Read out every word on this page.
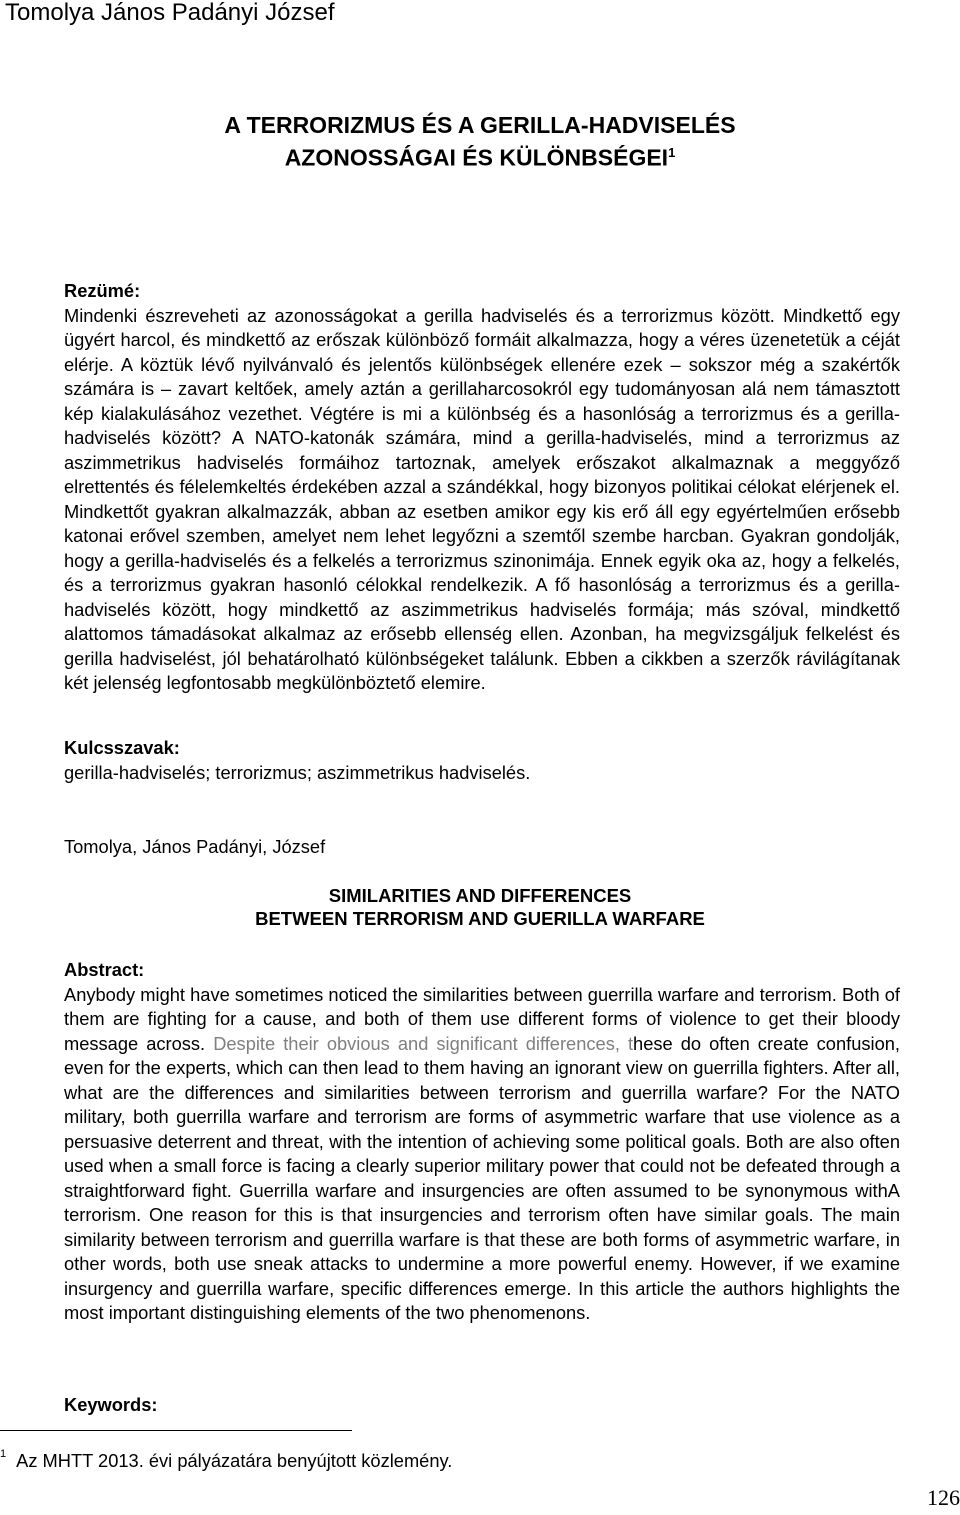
Tomolya János Padányi József
A TERRORIZMUS ÉS A GERILLA-HADVISELÉS
AZONOSSÁGAI ÉS KÜLÖNBSÉGEI$^1$
Rezümé:
Mindenki észreveheti az azonosságokat a gerilla hadviselés és a terrorizmus között. Mindkettő egy ügyért harcol, és mindkettő az erőszak különböző formáit alkalmazza, hogy a véres üzenetetük a céját elérje. A köztük lévő nyilvánvaló és jelentős különbségek ellenére ezek – sokszor még a szakértők számára is – zavart keltőek, amely aztán a gerillaharcosokról egy tudományosan alá nem támasztott kép kialakulásához vezethet. Végtére is mi a különbség és a hasonlóság a terrorizmus és a gerilla-hadviselés között? A NATO-katonák számára, mind a gerilla-hadviselés, mind a terrorizmus az aszimmetrikus hadviselés formáihoz tartoznak, amelyek erőszakot alkalmaznak a meggyőző elrettentés és félelemkeltés érdekében azzal a szándékkal, hogy bizonyos politikai célokat elérjenek el. Mindkettőt gyakran alkalmazzák, abban az esetben amikor egy kis erő áll egy egyértelműen erősebb katonai erővel szemben, amelyet nem lehet legyőzni a szemtől szembe harcban. Gyakran gondolják, hogy a gerilla-hadviselés és a felkelés a terrorizmus szinonimája. Ennek egyik oka az, hogy a felkelés, és a terrorizmus gyakran hasonló célokkal rendelkezik. A fő hasonlóság a terrorizmus és a gerilla-hadviselés között, hogy mindkettő az aszimmetrikus hadviselés formája; más szóval, mindkettő alattomos támadásokat alkalmaz az erősebb ellenség ellen. Azonban, ha megvizsgáljuk felkelést és gerilla hadviselést, jól behatárolható különbségeket találunk. Ebben a cikkben a szerzők rávilágítanak két jelenség legfontosabb megkülönböztető elemire.
Kulcsszavak:
gerilla-hadviselés; terrorizmus; aszimmetrikus hadviselés.
Tomolya, János Padányi, József
SIMILARITIES AND DIFFERENCES
BETWEEN TERRORISM AND GUERILLA WARFARE
Abstract:
Anybody might have sometimes noticed the similarities between guerrilla warfare and terrorism. Both of them are fighting for a cause, and both of them use different forms of violence to get their bloody message across. Despite their obvious and significant differences, these do often create confusion, even for the experts, which can then lead to them having an ignorant view on guerrilla fighters. After all, what are the differences and similarities between terrorism and guerrilla warfare? For the NATO military, both guerrilla warfare and terrorism are forms of asymmetric warfare that use violence as a persuasive deterrent and threat, with the intention of achieving some political goals. Both are also often used when a small force is facing a clearly superior military power that could not be defeated through a straightforward fight. Guerrilla warfare and insurgencies are often assumed to be synonymous withA terrorism. One reason for this is that insurgencies and terrorism often have similar goals. The main similarity between terrorism and guerrilla warfare is that these are both forms of asymmetric warfare, in other words, both use sneak attacks to undermine a more powerful enemy. However, if we examine insurgency and guerrilla warfare, specific differences emerge. In this article the authors highlights the most important distinguishing elements of the two phenomenons.
Keywords:
$^1$ Az MHTT 2013. évi pályázatára benyújtott közlemény.
126
